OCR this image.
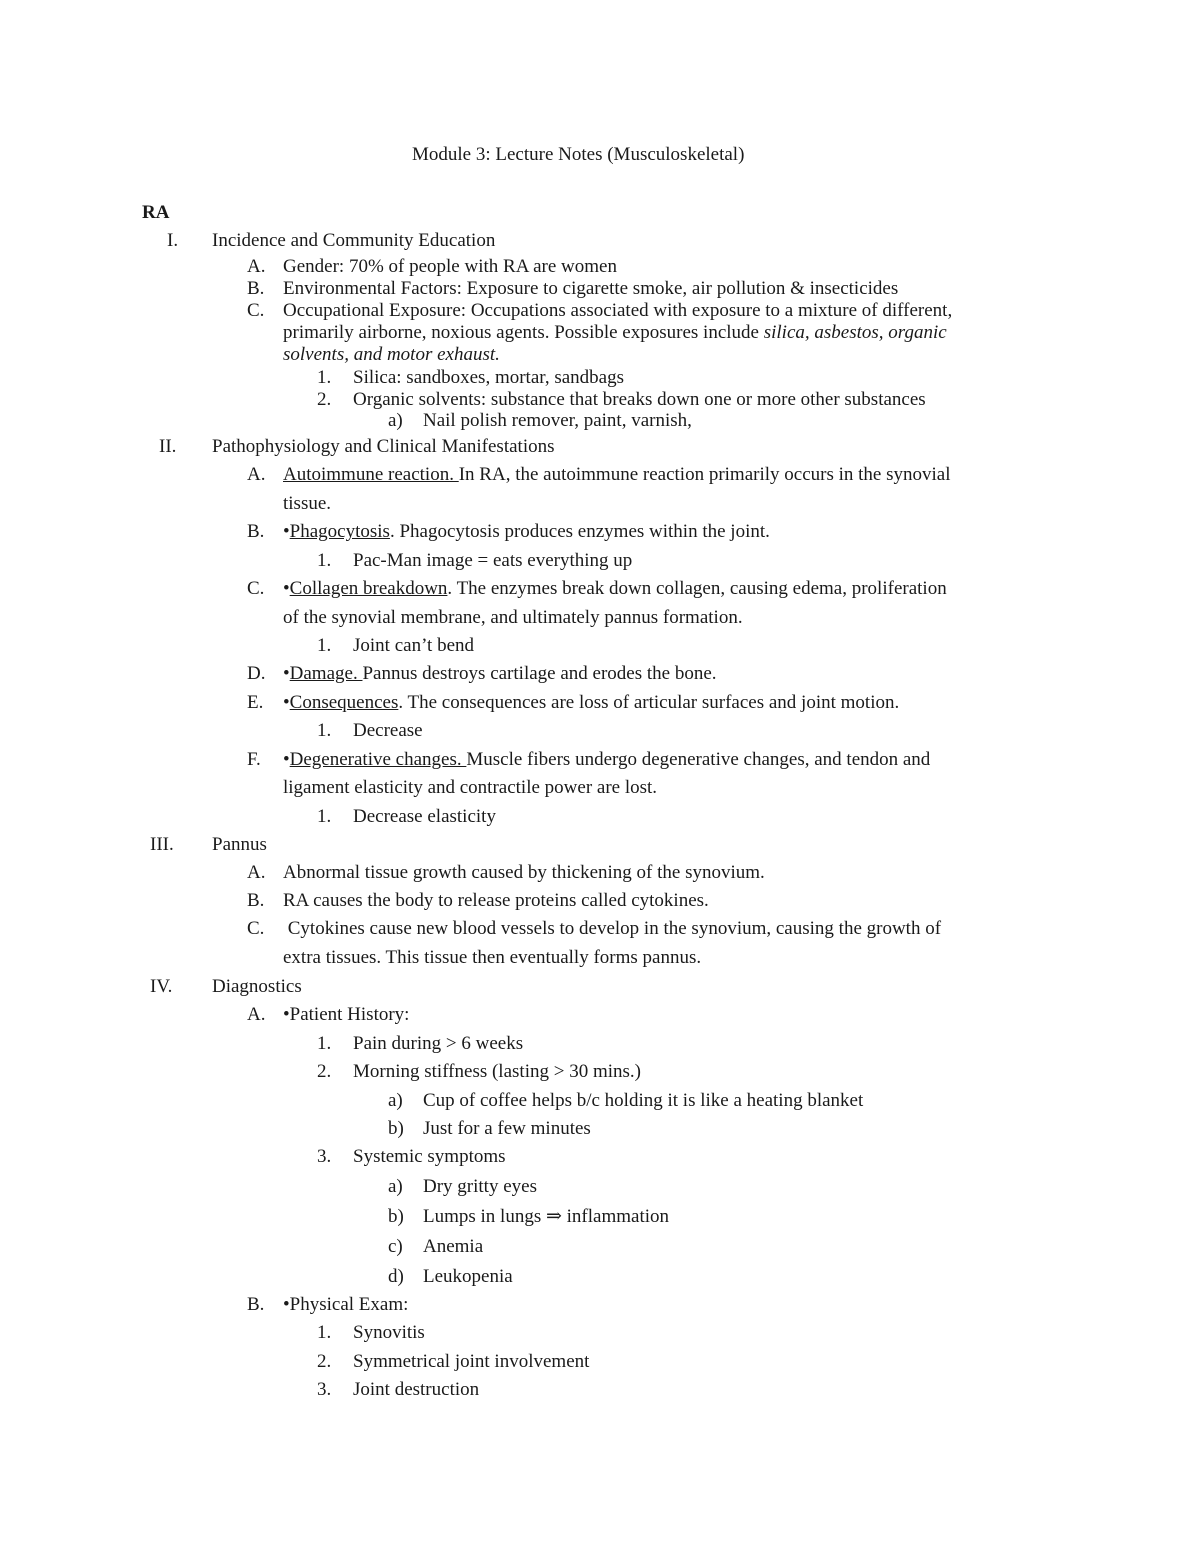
Module 3: Lecture Notes (Musculoskeletal)
RA
I. Incidence and Community Education
A. Gender: 70% of people with RA are women
B. Environmental Factors: Exposure to cigarette smoke, air pollution & insecticides
C. Occupational Exposure: Occupations associated with exposure to a mixture of different,
primarily airborne, noxious agents. Possible exposures include silica, asbestos, organic
solvents, and motor exhaust.
1. Silica: sandboxes, mortar, sandbags
2. Organic solvents: substance that breaks down one or more other substances
a) Nail polish remover, paint, varnish,
II. Pathophysiology and Clinical Manifestations
A. Autoimmune reaction. In RA, the autoimmune reaction primarily occurs in the synovial
tissue.
B. •Phagocytosis. Phagocytosis produces enzymes within the joint.
1. Pac-Man image = eats everything up
C. •Collagen breakdown. The enzymes break down collagen, causing edema, proliferation
of the synovial membrane, and ultimately pannus formation.
1. Joint can’t bend
D. •Damage. Pannus destroys cartilage and erodes the bone.
E. •Consequences. The consequences are loss of articular surfaces and joint motion.
1. Decrease
F. •Degenerative changes. Muscle fibers undergo degenerative changes, and tendon and
ligament elasticity and contractile power are lost.
1. Decrease elasticity
III. Pannus
A. Abnormal tissue growth caused by thickening of the synovium.
B. RA causes the body to release proteins called cytokines.
C. Cytokines cause new blood vessels to develop in the synovium, causing the growth of
extra tissues. This tissue then eventually forms pannus.
IV. Diagnostics
A. •Patient History:
1. Pain during > 6 weeks
2. Morning stiffness (lasting > 30 mins.)
a) Cup of coffee helps b/c holding it is like a heating blanket
b) Just for a few minutes
3. Systemic symptoms
a) Dry gritty eyes
b) Lumps in lungs ⇒ inflammation
c) Anemia
d) Leukopenia
B. •Physical Exam:
1. Synovitis
2. Symmetrical joint involvement
3. Joint destruction
